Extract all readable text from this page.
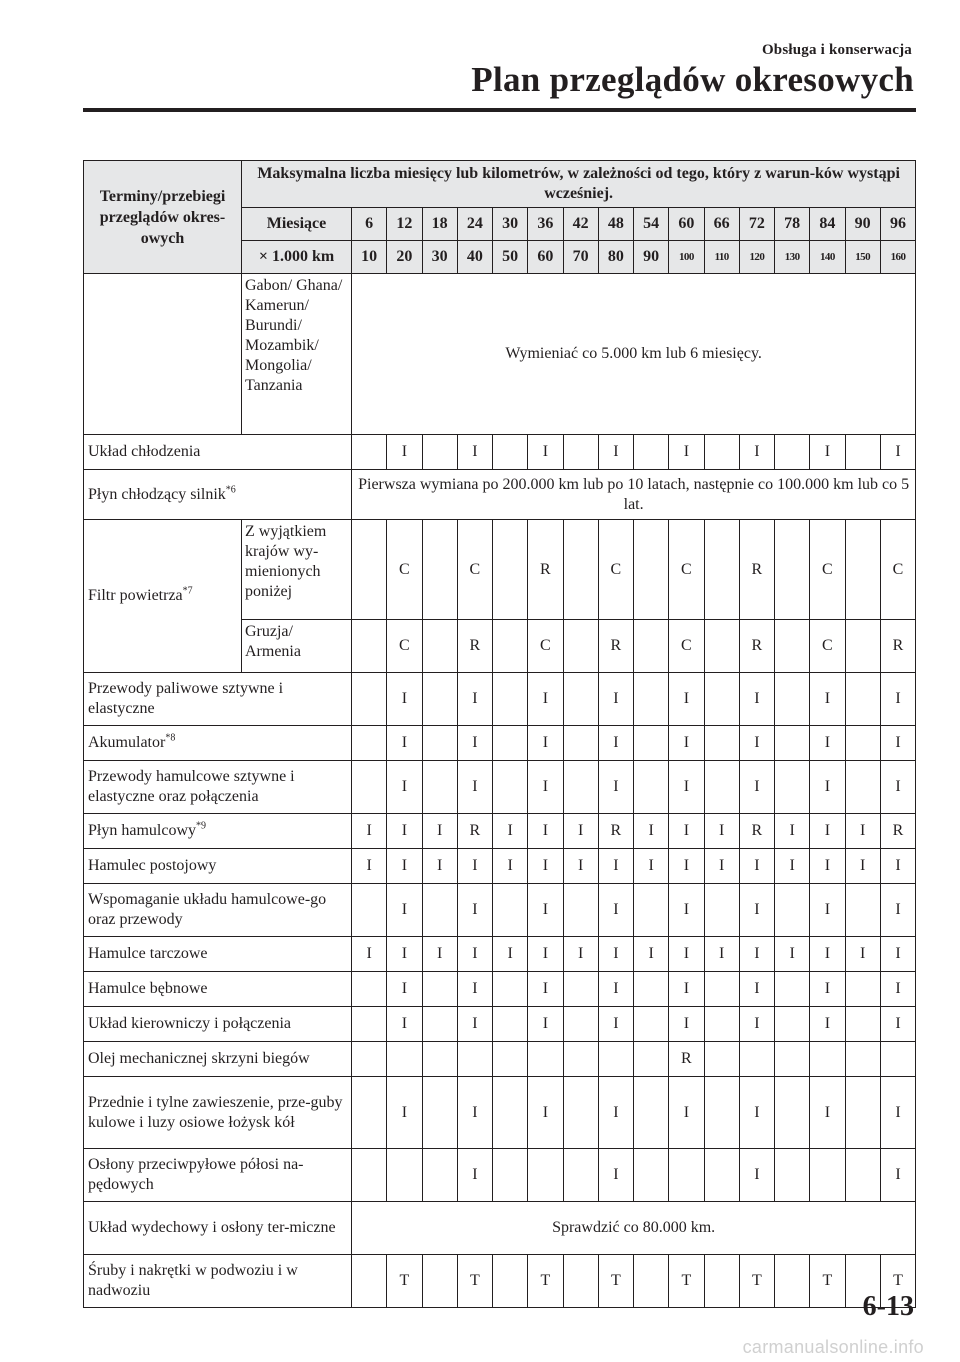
Obsługa i konserwacja
Plan przeglądów okresowych
Terminy/przebiegi przeglądów okres-owych	Maksymalna liczba miesięcy lub kilometrów, w zależności od tego, który z warun-ków wystąpi wcześniej.																
	Miesiące	6	12	18	24	30	36	42	48	54	60	66	72	78	84	90	96
	× 1.000 km	10	20	30	40	50	60	70	80	90	100	110	120	130	140	150	160
	Gabon/ Ghana/ Kamerun/ Burundi/ Mozambik/ Mongolia/ Tanzania	Wymieniać co 5.000 km lub 6 miesięcy.															
Układ chłodzenia			I		I		I		I		I		I		I		I
Płyn chłodzący silnik$^{*6}$		Pierwsza wymiana po 200.000 km lub po 10 latach, następnie co 100.000 km lub co 5 lat.															
Filtr powietrza$^{*7}$	Z wyjątkiem krajów wy-mienionych poniżej		C		C		R		C		C		R		C		C
	Gruzja/ Armenia		C		R		C		R		C		R		C		R
Przewody paliwowe sztywne i elastyczne			I		I		I		I		I		I		I		I
Akumulator$^{*8}$			I		I		I		I		I		I		I		I
Przewody hamulcowe sztywne i elastyczne oraz połączenia			I		I		I		I		I		I		I		I
Płyn hamulcowy$^{*9}$		I	I	I	R	I	I	I	R	I	I	I	R	I	I	I	R
Hamulec postojowy		I	I	I	I	I	I	I	I	I	I	I	I	I	I	I	I
Wspomaganie układu hamulcowe-go oraz przewody			I		I		I		I		I		I		I		I
Hamulce tarczowe		I	I	I	I	I	I	I	I	I	I	I	I	I	I	I	I
Hamulce bębnowe			I		I		I		I		I		I		I		I
Układ kierowniczy i połączenia			I		I		I		I		I		I		I		I
Olej mechanicznej skrzyni biegów											R						
Przednie i tylne zawieszenie, prze-guby kulowe i luzy osiowe łożysk kół			I		I		I		I		I		I		I		I
Osłony przeciwpyłowe półosi na-pędowych					I				I				I				I
Układ wydechowy i osłony ter-miczne		Sprawdzić co 80.000 km.															
Śruby i nakrętki w podwoziu i w nadwoziu			T		T		T		T		T		T		T		T
6-13
carmanualsonline.info
